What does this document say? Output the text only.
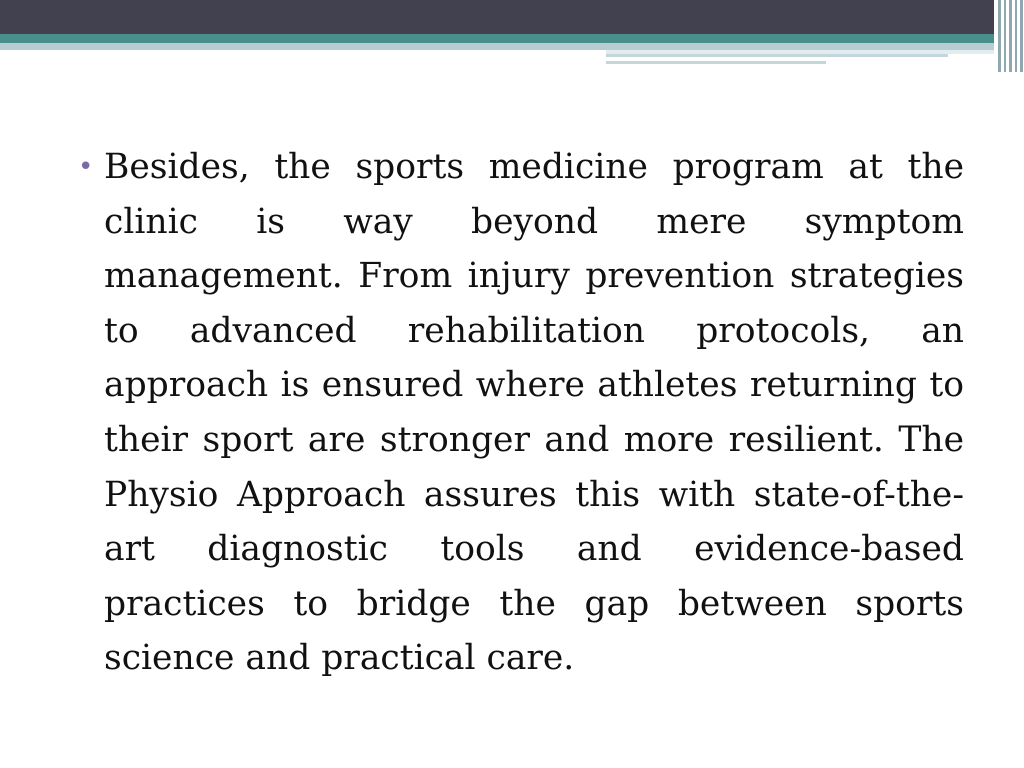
• Besides, the sports medicine program at the clinic is way beyond mere symptom management. From injury prevention strategies to advanced rehabilitation protocols, an approach is ensured where athletes returning to their sport are stronger and more resilient. The Physio Approach assures this with state-of-the-art diagnostic tools and evidence-based practices to bridge the gap between sports science and practical care.
